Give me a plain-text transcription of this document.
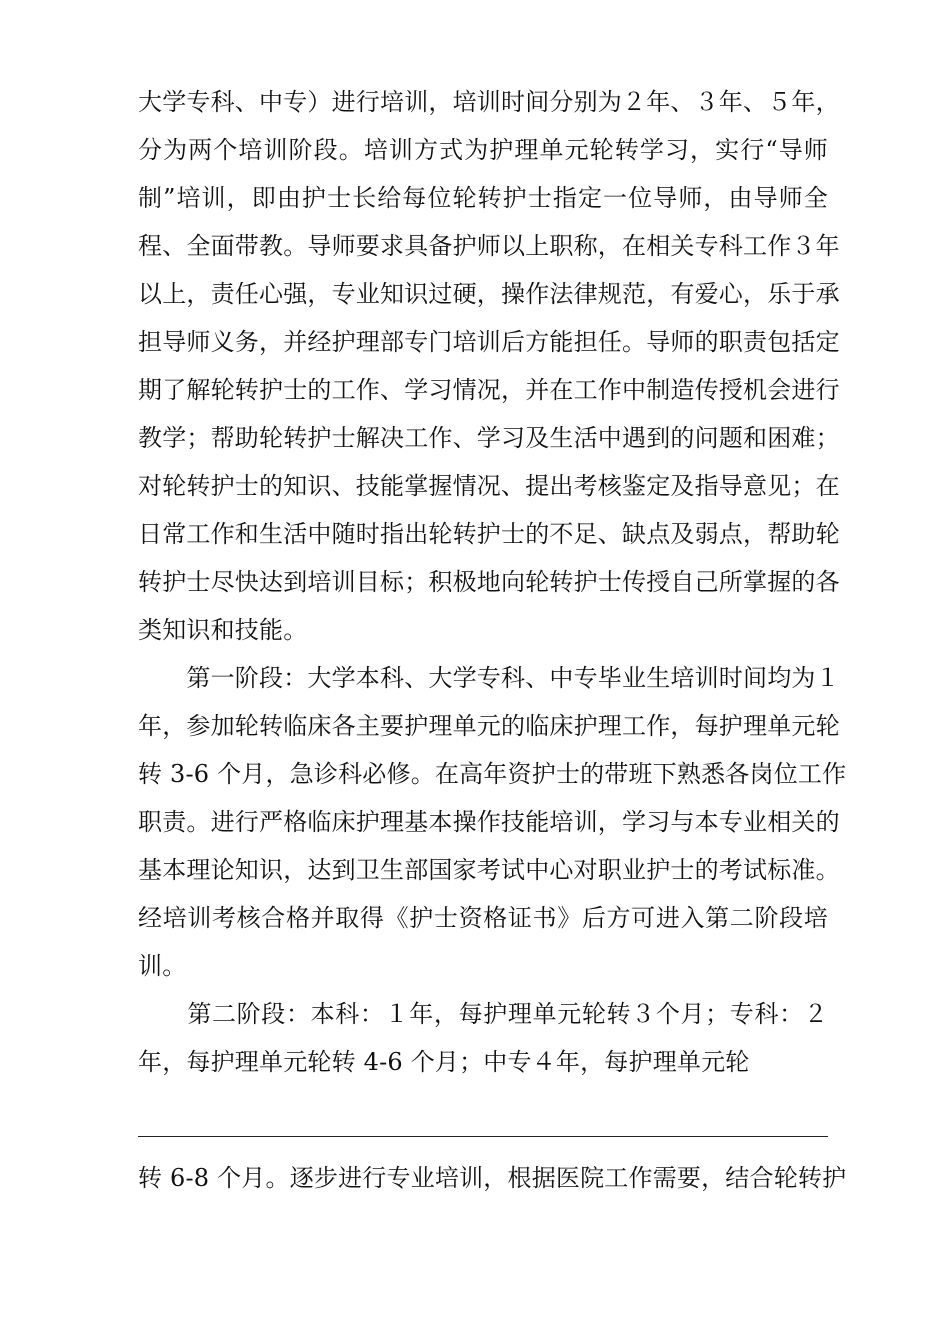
大学专科、中专）进行培训，培训时间分别为２年、３年、５年，
分为两个培训阶段。培训方式为护理单元轮转学习，实行“导师
制”培训，即由护士长给每位轮转护士指定一位导师，由导师全
程、全面带教。导师要求具备护师以上职称，在相关专科工作３年
以上，责任心强，专业知识过硬，操作法律规范，有爱心，乐于承
担导师义务，并经护理部专门培训后方能担任。导师的职责包括定
期了解轮转护士的工作、学习情况，并在工作中制造传授机会进行
教学；帮助轮转护士解决工作、学习及生活中遇到的问题和困难；
对轮转护士的知识、技能掌握情况、提出考核鉴定及指导意见；在
日常工作和生活中随时指出轮转护士的不足、缺点及弱点，帮助轮
转护士尽快达到培训目标；积极地向轮转护士传授自己所掌握的各
类知识和技能。
　　第一阶段：大学本科、大学专科、中专毕业生培训时间均为１
年，参加轮转临床各主要护理单元的临床护理工作，每护理单元轮
转 3-6 个月，急诊科必修。在高年资护士的带班下熟悉各岗位工作
职责。进行严格临床护理基本操作技能培训，学习与本专业相关的
基本理论知识，达到卫生部国家考试中心对职业护士的考试标准。
经培训考核合格并取得《护士资格证书》后方可进入第二阶段培
训。
　　第二阶段：本科：１年，每护理单元轮转３个月；专科：２
年，每护理单元轮转 4-6 个月；中专４年，每护理单元轮
转 6-8 个月。逐步进行专业培训，根据医院工作需要，结合轮转护
